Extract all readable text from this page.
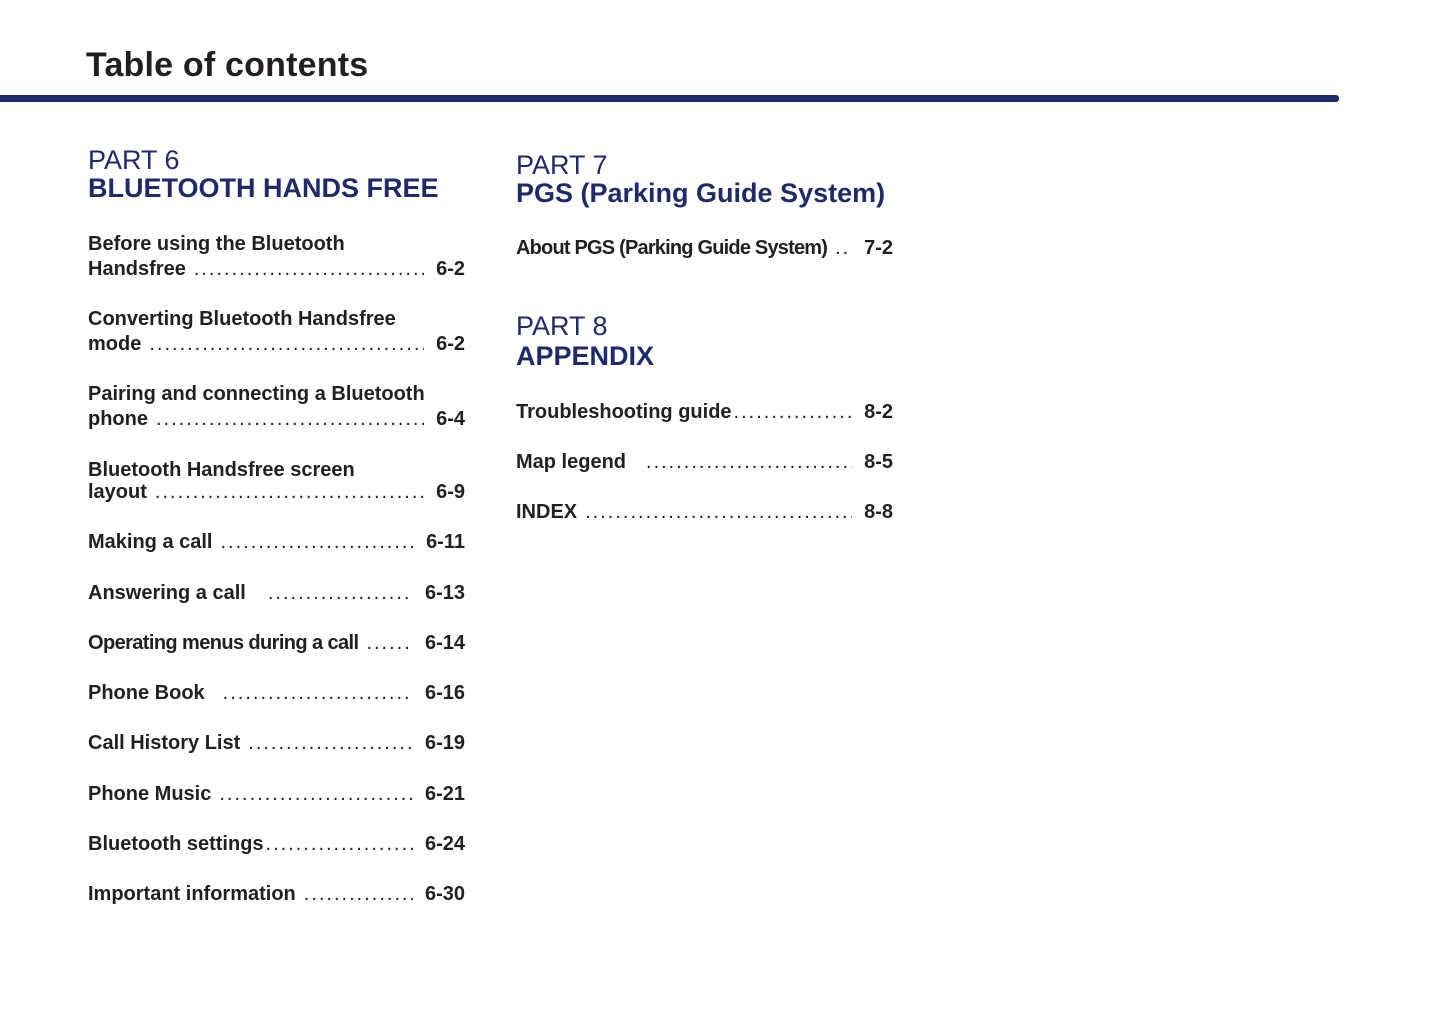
Table of contents
PART 6
BLUETOOTH HANDS FREE
Before using the Bluetooth
Handsfree .....	6-2
Converting Bluetooth Handsfree
mode .....	6-2
Pairing and connecting a Bluetooth
phone .....	6-4
Bluetooth Handsfree screen
layout .....	6-9
Making a call .....	6-11
Answering a call .....	6-13
Operating menus during a call .....	6-14
Phone Book .....	6-16
Call History List .....	6-19
Phone Music .....	6-21
Bluetooth settings .....	6-24
Important information .....	6-30
PART 7
PGS (Parking Guide System)
About PGS (Parking Guide System) ..... 7-2
PART 8
APPENDIX
Troubleshooting guide .....	8-2
Map legend .....	8-5
INDEX .....	8-8
